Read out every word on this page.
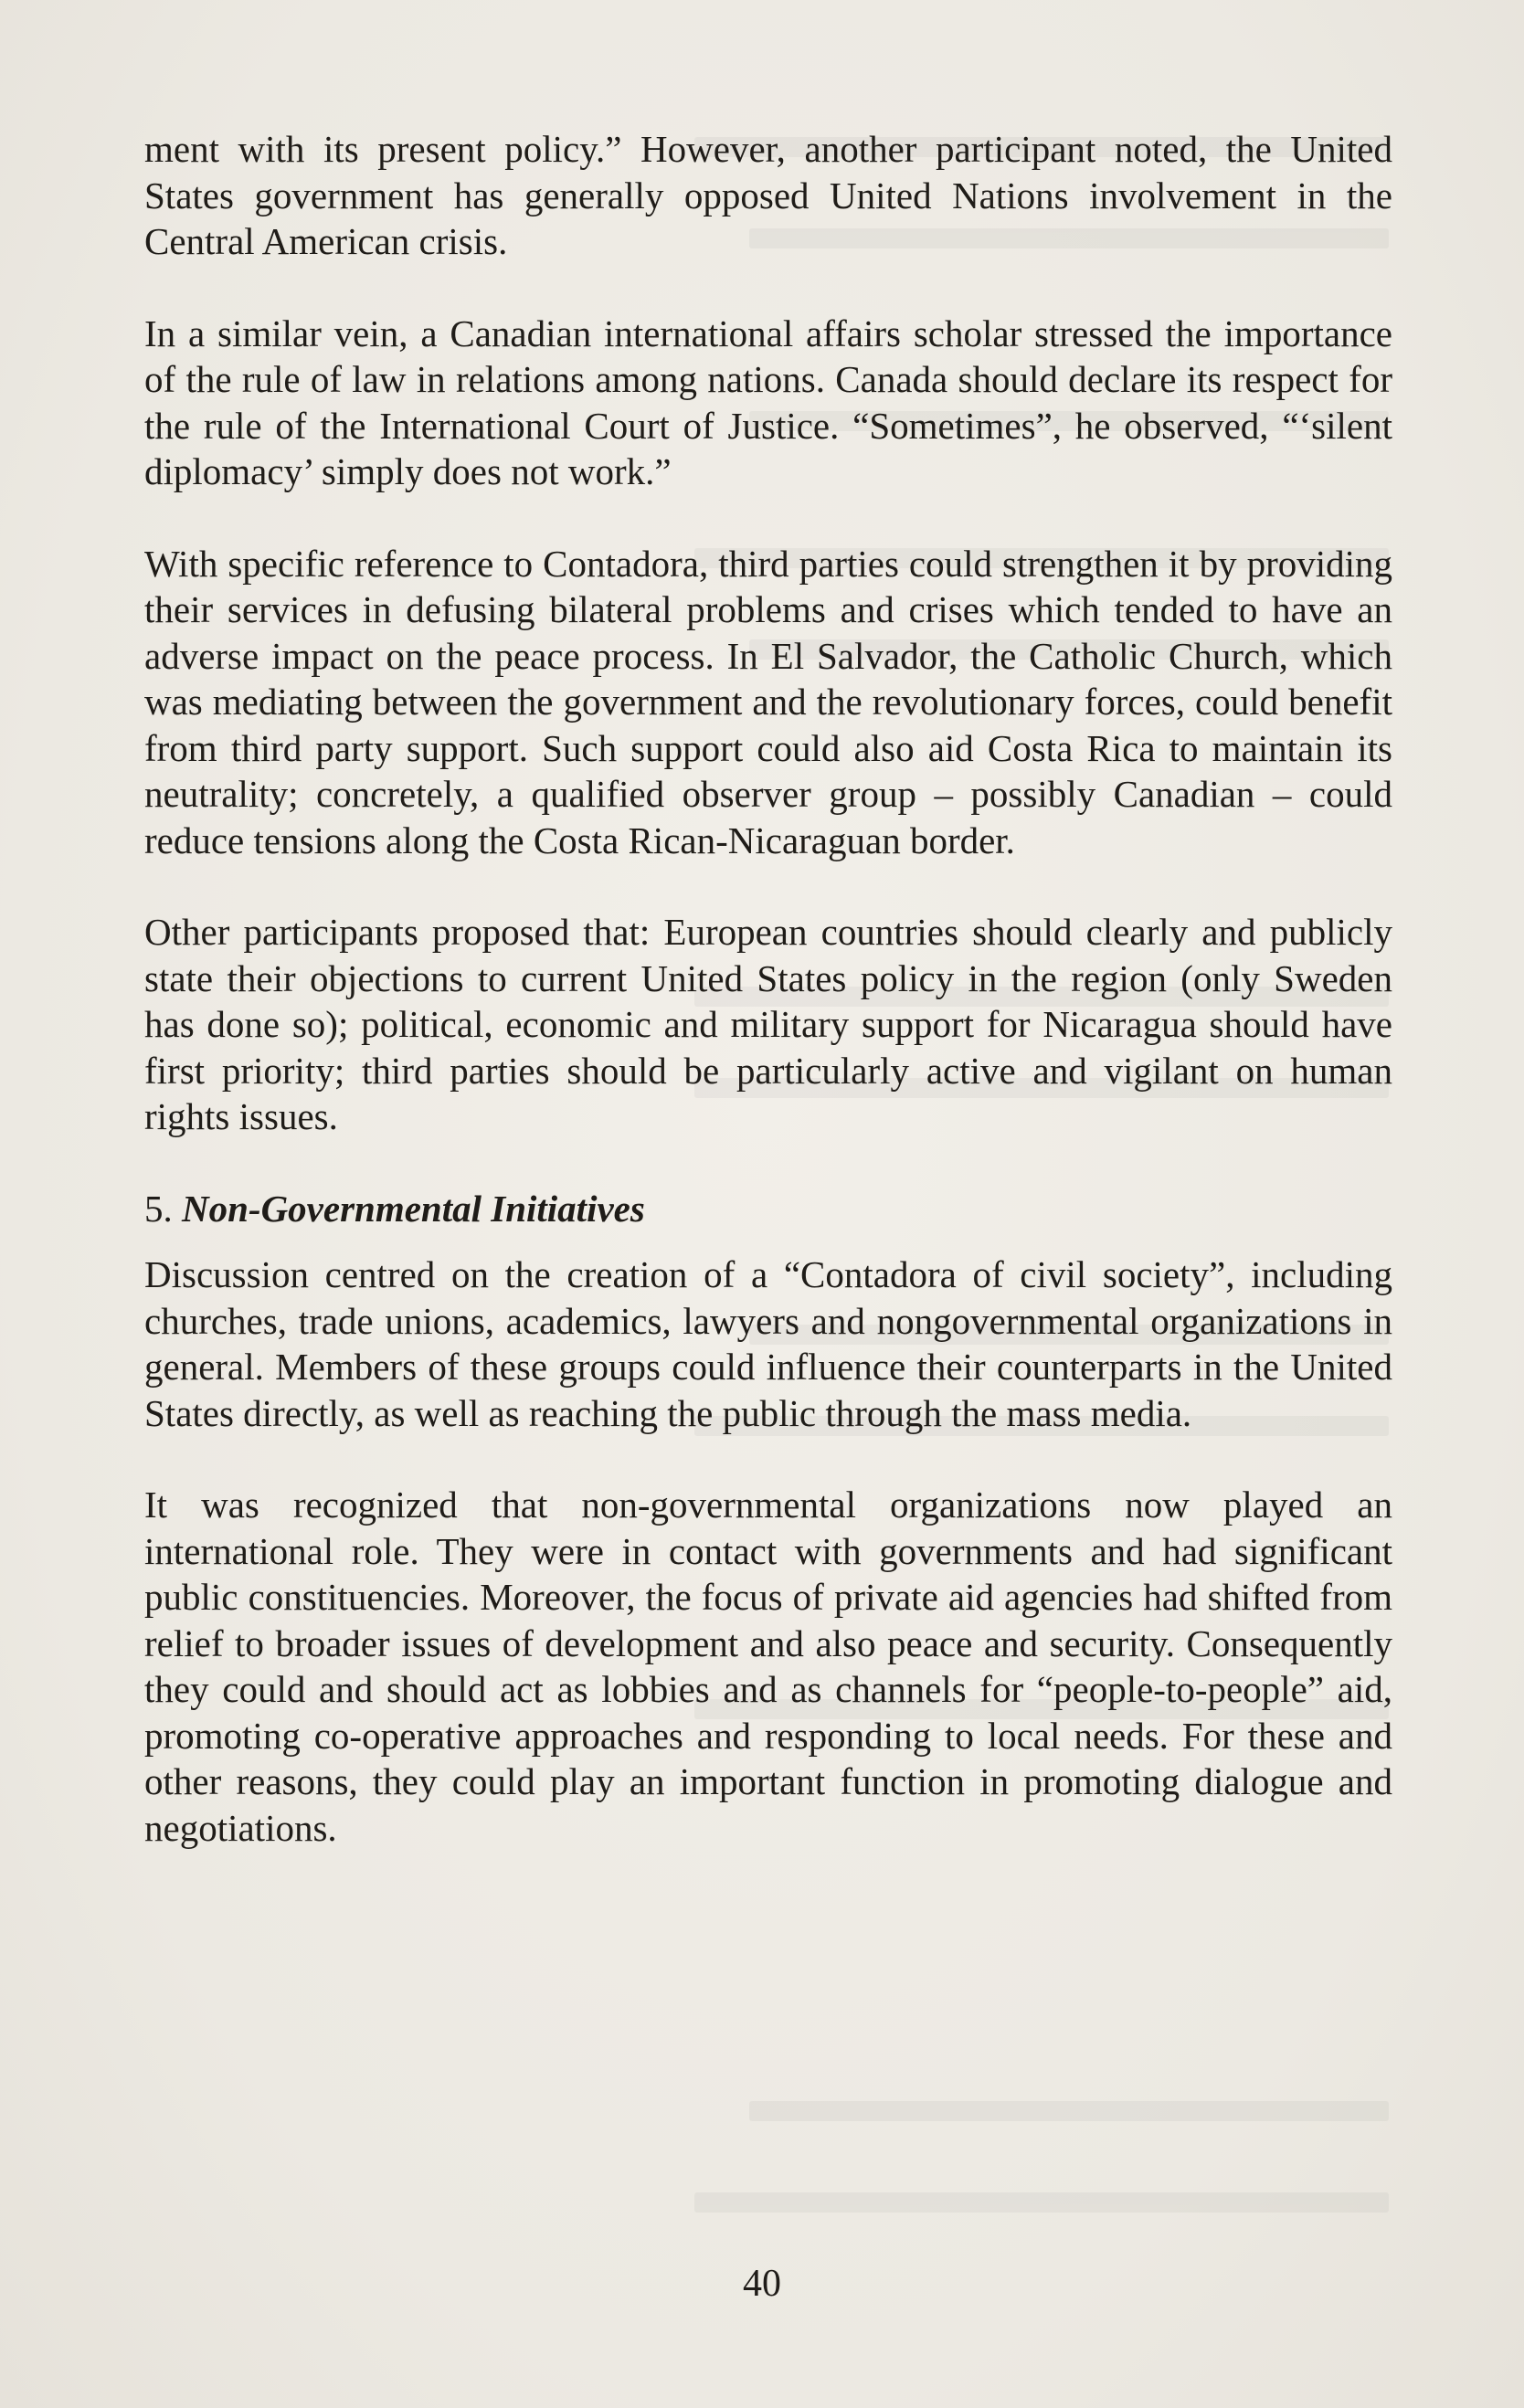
ment with its present policy.” However, another participant noted, the United States government has generally opposed United Nations involvement in the Central American crisis.

In a similar vein, a Canadian international affairs scholar stressed the importance of the rule of law in relations among nations. Canada should declare its respect for the rule of the International Court of Justice. “Sometimes”, he observed, “‘silent diplomacy’ simply does not work.”

With specific reference to Contadora, third parties could strengthen it by providing their services in defusing bilateral problems and crises which tended to have an adverse impact on the peace process. In El Salvador, the Catholic Church, which was mediating between the government and the revolutionary forces, could benefit from third party support. Such support could also aid Costa Rica to maintain its neutrality; concretely, a qualified observer group – possibly Canadian – could reduce tensions along the Costa Rican-Nicaraguan border.

Other participants proposed that: European countries should clearly and publicly state their objections to current United States policy in the region (only Sweden has done so); political, economic and military support for Nicaragua should have first priority; third parties should be particularly active and vigilant on human rights issues.

5. Non-Governmental Initiatives

Discussion centred on the creation of a “Contadora of civil society”, including churches, trade unions, academics, lawyers and nongovernmental organizations in general. Members of these groups could influence their counterparts in the United States directly, as well as reaching the public through the mass media.

It was recognized that non-governmental organizations now played an international role. They were in contact with governments and had significant public constituencies. Moreover, the focus of private aid agencies had shifted from relief to broader issues of development and also peace and security. Consequently they could and should act as lobbies and as channels for “people-to-people” aid, promoting co-operative approaches and responding to local needs. For these and other reasons, they could play an important function in promoting dialogue and negotiations.

40
